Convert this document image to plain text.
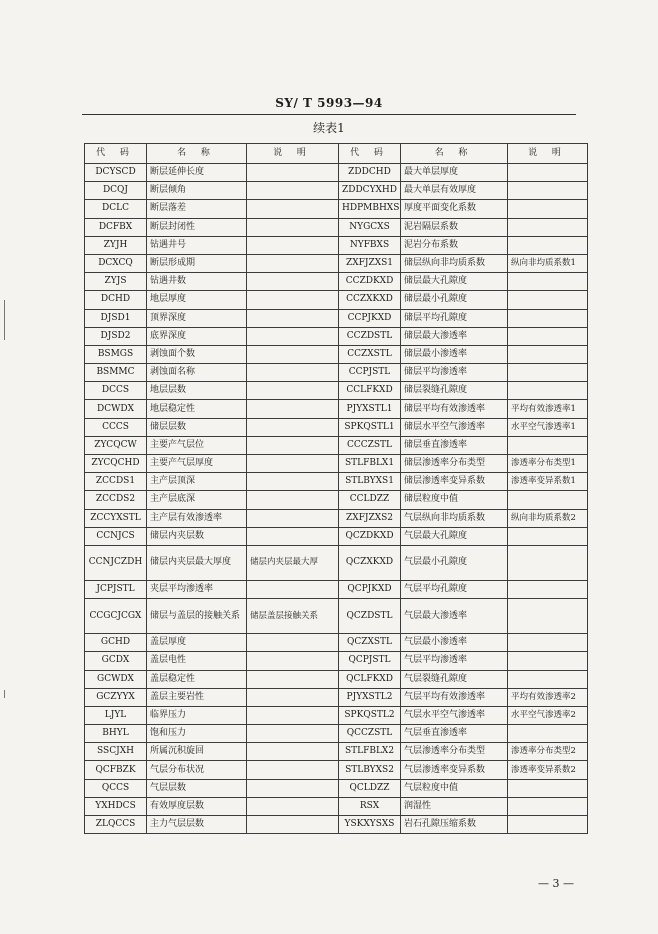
SY/ T 5993—94
续表1
代 码	名 称	说 明		代 码	名 称	说 明
DCYSCD	断层延伸长度			ZDDCHD	最大单层厚度	
DCQJ	断层倾角			ZDDCYXHD	最大单层有效厚度	
DCLC	断层落差			HDPMBHXS	厚度平面变化系数	
DCFBX	断层封闭性			NYGCXS	泥岩隔层系数	
ZYJH	钻遇井号			NYFBXS	泥岩分布系数	
DCXCQ	断层形成期			ZXFJZXS1	储层纵向非均质系数	纵向非均质系数1
ZYJS	钻遇井数			CCZDKXD	储层最大孔隙度	
DCHD	地层厚度			CCZXKXD	储层最小孔隙度	
DJSD1	顶界深度			CCPJKXD	储层平均孔隙度	
DJSD2	底界深度			CCZDSTL	储层最大渗透率	
BSMGS	剥蚀面个数			CCZXSTL	储层最小渗透率	
BSMMC	剥蚀面名称			CCPJSTL	储层平均渗透率	
DCCS	地层层数			CCLFKXD	储层裂缝孔隙度	
DCWDX	地层稳定性			PJYXSTL1	储层平均有效渗透率	平均有效渗透率1
CCCS	储层层数			SPKQSTL1	储层水平空气渗透率	水平空气渗透率1
ZYCQCW	主要产气层位			CCCZSTL	储层垂直渗透率	
ZYCQCHD	主要产气层厚度			STLFBLX1	储层渗透率分布类型	渗透率分布类型1
ZCCDS1	主产层顶深			STLBYXS1	储层渗透率变异系数	渗透率变异系数1
ZCCDS2	主产层底深			CCLDZZ	储层粒度中值	
ZCCYXSTL	主产层有效渗透率			ZXFJZXS2	气层纵向非均质系数	纵向非均质系数2
CCNJCS	储层内夹层数			QCZDKXD	气层最大孔隙度	
CCNJCZDH	储层内夹层最大厚度	储层内夹层最大厚		QCZXKXD	气层最小孔隙度	
JCPJSTL	夹层平均渗透率			QCPJKXD	气层平均孔隙度	
CCGCJCGX	储层与盖层的接触关系	储层盖层接触关系		QCZDSTL	气层最大渗透率	
GCHD	盖层厚度			QCZXSTL	气层最小渗透率	
GCDX	盖层电性			QCPJSTL	气层平均渗透率	
GCWDX	盖层稳定性			QCLFKXD	气层裂缝孔隙度	
GCZYYX	盖层主要岩性			PJYXSTL2	气层平均有效渗透率	平均有效渗透率2
LJYL	临界压力			SPKQSTL2	气层水平空气渗透率	水平空气渗透率2
BHYL	饱和压力			QCCZSTL	气层垂直渗透率	
SSCJXH	所属沉积旋回			STLFBLX2	气层渗透率分布类型	渗透率分布类型2
QCFBZK	气层分布状况			STLBYXS2	气层渗透率变异系数	渗透率变异系数2
QCCS	气层层数			QCLDZZ	气层粒度中值	
YXHDCS	有效厚度层数			RSX	润湿性	
ZLQCCS	主力气层层数			YSKXYSXS	岩石孔隙压缩系数	
— 3 —
